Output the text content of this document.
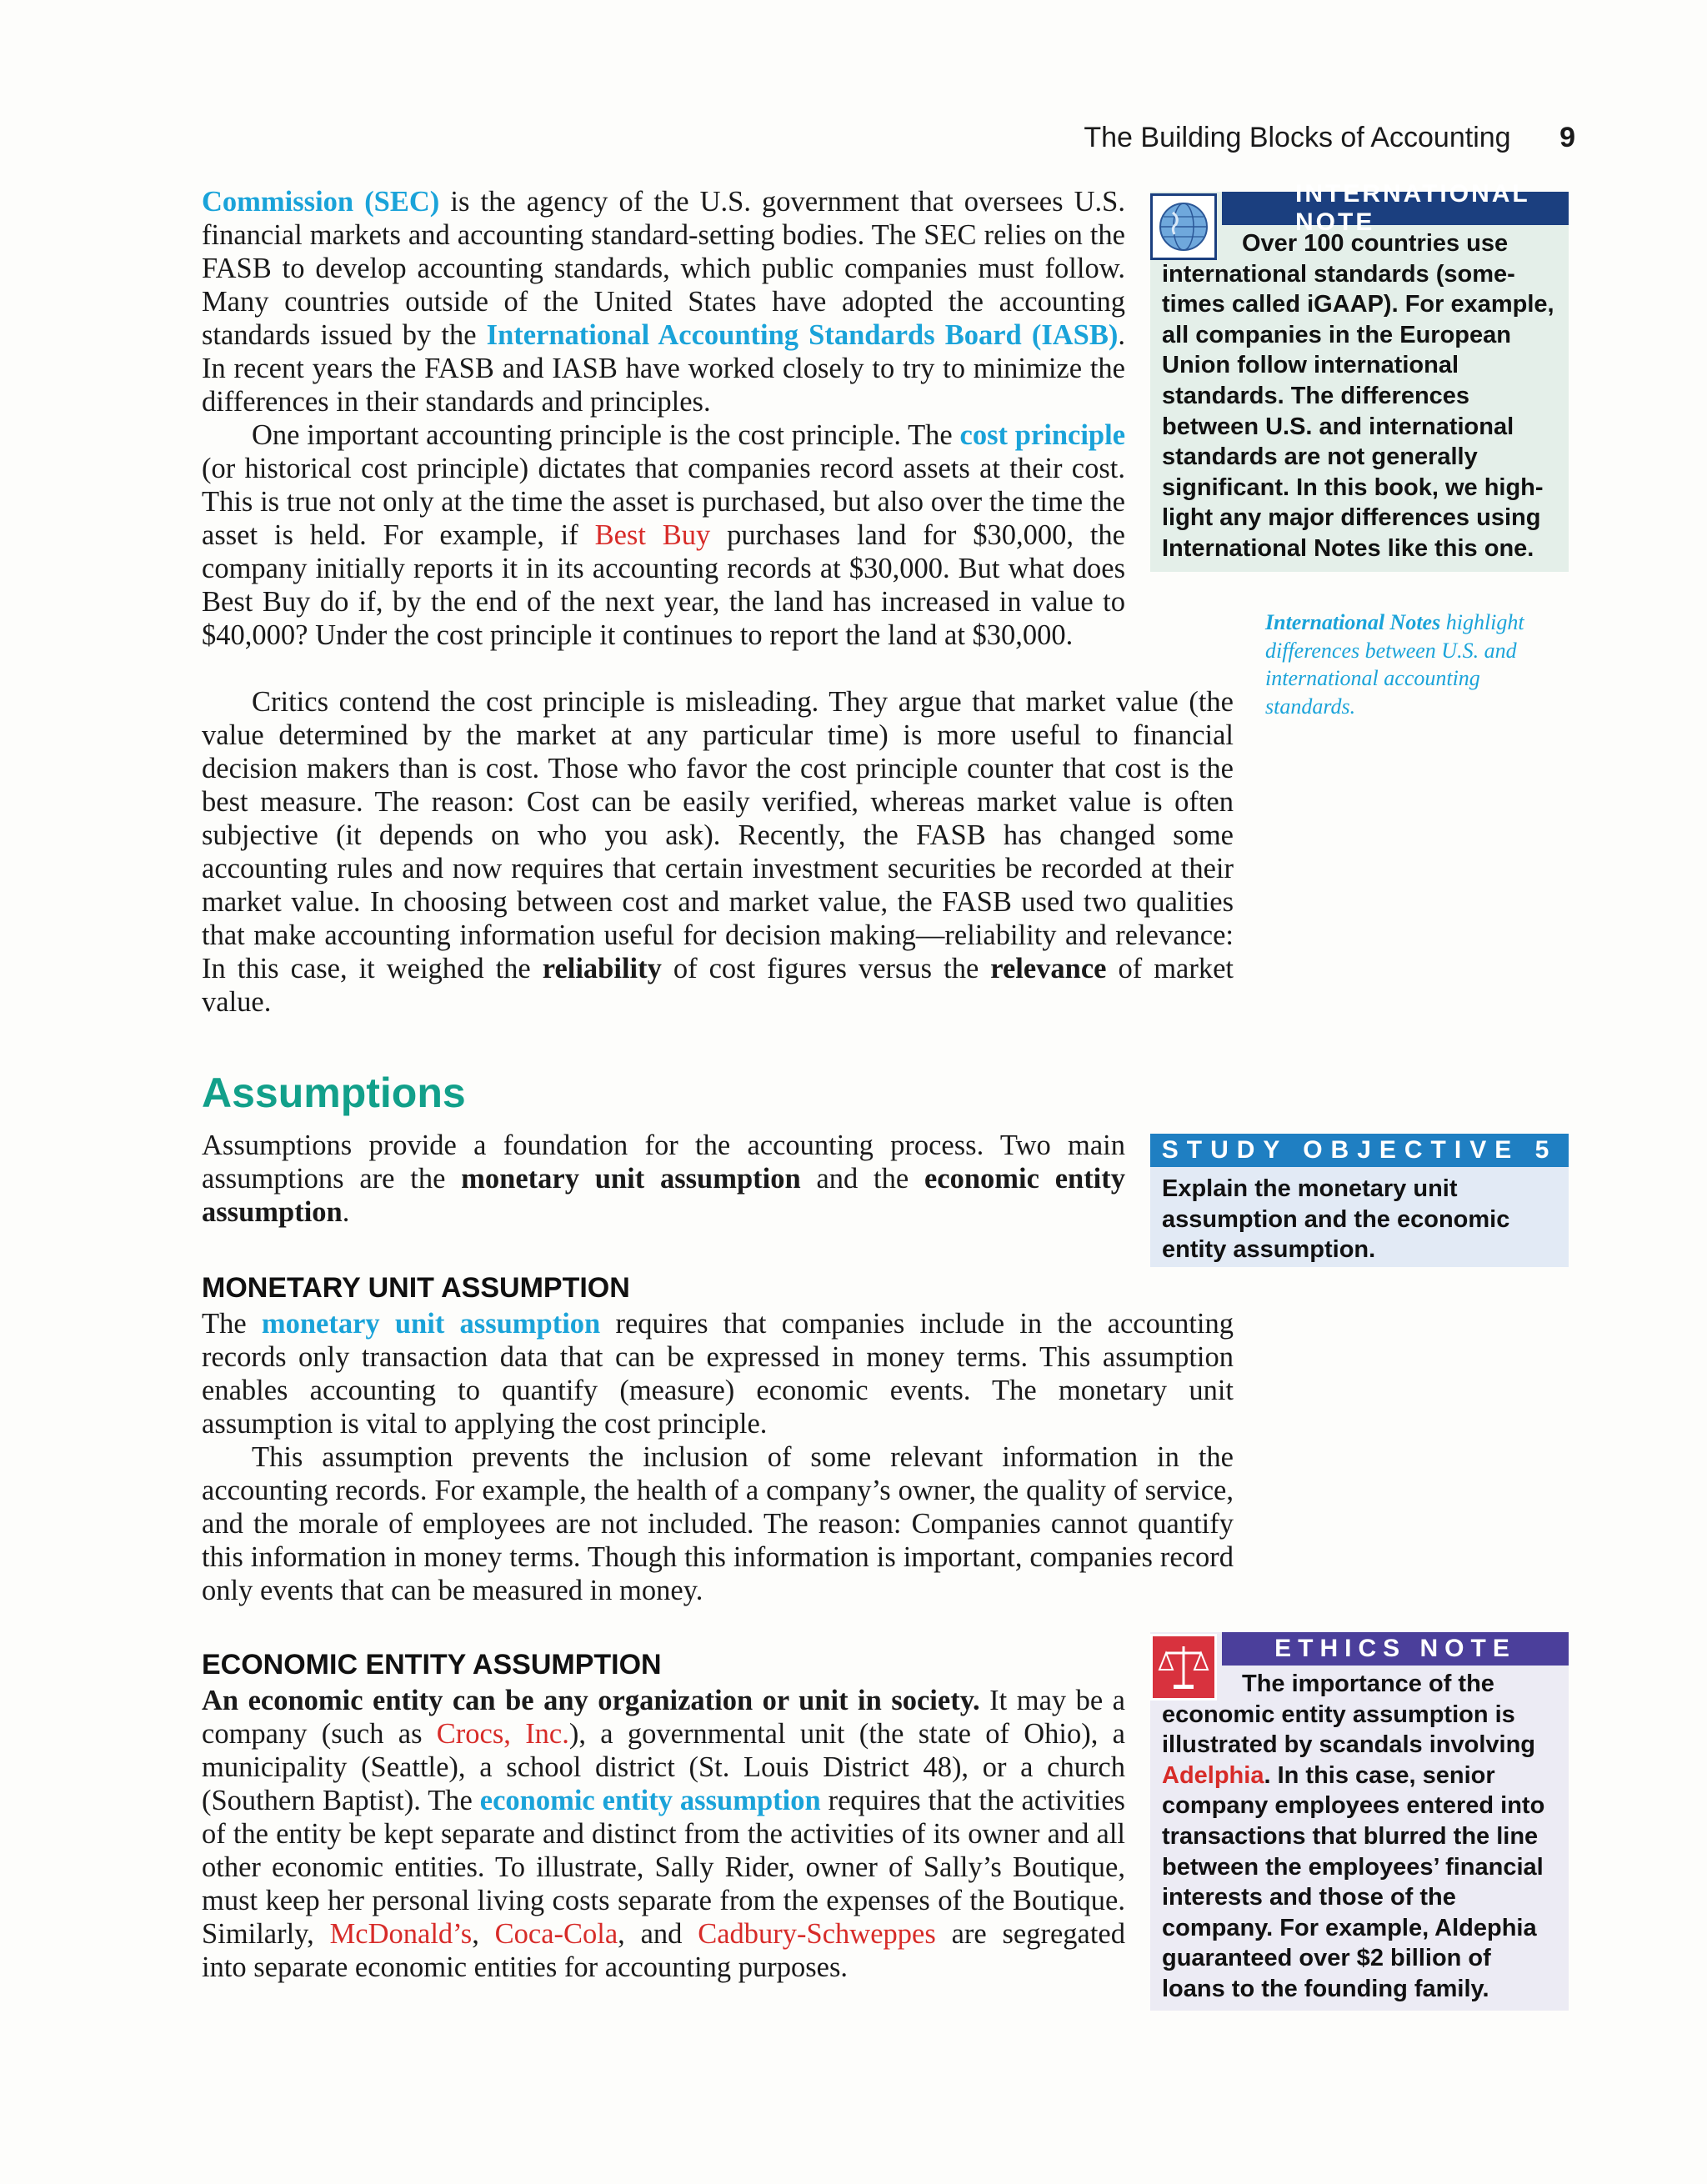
The Building Blocks of Accounting 9

Commission (SEC) is the agency of the U.S. government that oversees U.S. financial markets and accounting standard-setting bodies. The SEC relies on the FASB to develop accounting standards, which public companies must follow. Many countries outside of the United States have adopted the accounting standards issued by the International Accounting Standards Board (IASB). In recent years the FASB and IASB have worked closely to try to minimize the differences in their standards and principles.

One important accounting principle is the cost principle. The cost principle (or historical cost principle) dictates that companies record assets at their cost. This is true not only at the time the asset is purchased, but also over the time the asset is held. For example, if Best Buy purchases land for $30,000, the company initially reports it in its accounting records at $30,000. But what does Best Buy do if, by the end of the next year, the land has increased in value to $40,000? Under the cost principle it continues to report the land at $30,000.

Critics contend the cost principle is misleading. They argue that market value (the value determined by the market at any particular time) is more useful to financial decision makers than is cost. Those who favor the cost principle counter that cost is the best measure. The reason: Cost can be easily verified, whereas market value is often subjective (it depends on who you ask). Recently, the FASB has changed some accounting rules and now requires that certain investment securities be recorded at their market value. In choosing between cost and market value, the FASB used two qualities that make accounting information useful for decision making—reliability and relevance: In this case, it weighed the reliability of cost figures versus the relevance of market value.

Assumptions

Assumptions provide a foundation for the accounting process. Two main assumptions are the monetary unit assumption and the economic entity assumption.

MONETARY UNIT ASSUMPTION

The monetary unit assumption requires that companies include in the accounting records only transaction data that can be expressed in money terms. This assumption enables accounting to quantify (measure) economic events. The monetary unit assumption is vital to applying the cost principle.

This assumption prevents the inclusion of some relevant information in the accounting records. For example, the health of a company’s owner, the quality of service, and the morale of employees are not included. The reason: Companies cannot quantify this information in money terms. Though this information is important, companies record only events that can be measured in money.

ECONOMIC ENTITY ASSUMPTION

An economic entity can be any organization or unit in society. It may be a company (such as Crocs, Inc.), a governmental unit (the state of Ohio), a municipality (Seattle), a school district (St. Louis District 48), or a church (Southern Baptist). The economic entity assumption requires that the activities of the entity be kept separate and distinct from the activities of its owner and all other economic entities. To illustrate, Sally Rider, owner of Sally’s Boutique, must keep her personal living costs separate from the expenses of the Boutique. Similarly, McDonald’s, Coca-Cola, and Cadbury-Schweppes are segregated into separate economic entities for accounting purposes.

INTERNATIONAL NOTE
Over 100 countries use
international standards (sometimes called iGAAP). For example, all companies in the European Union follow international standards. The differences between U.S. and international standards are not generally significant. In this book, we highlight any major differences using International Notes like this one.
International Notes highlight differences between U.S. and international accounting standards.
STUDY OBJECTIVE 5
Explain the monetary unit assumption and the economic entity assumption.
ETHICS NOTE
The importance of the
economic entity assumption is illustrated by scandals involving Adelphia. In this case, senior company employees entered into transactions that blurred the line between the employees’ financial interests and those of the company. For example, Aldephia guaranteed over $2 billion of loans to the founding family.
